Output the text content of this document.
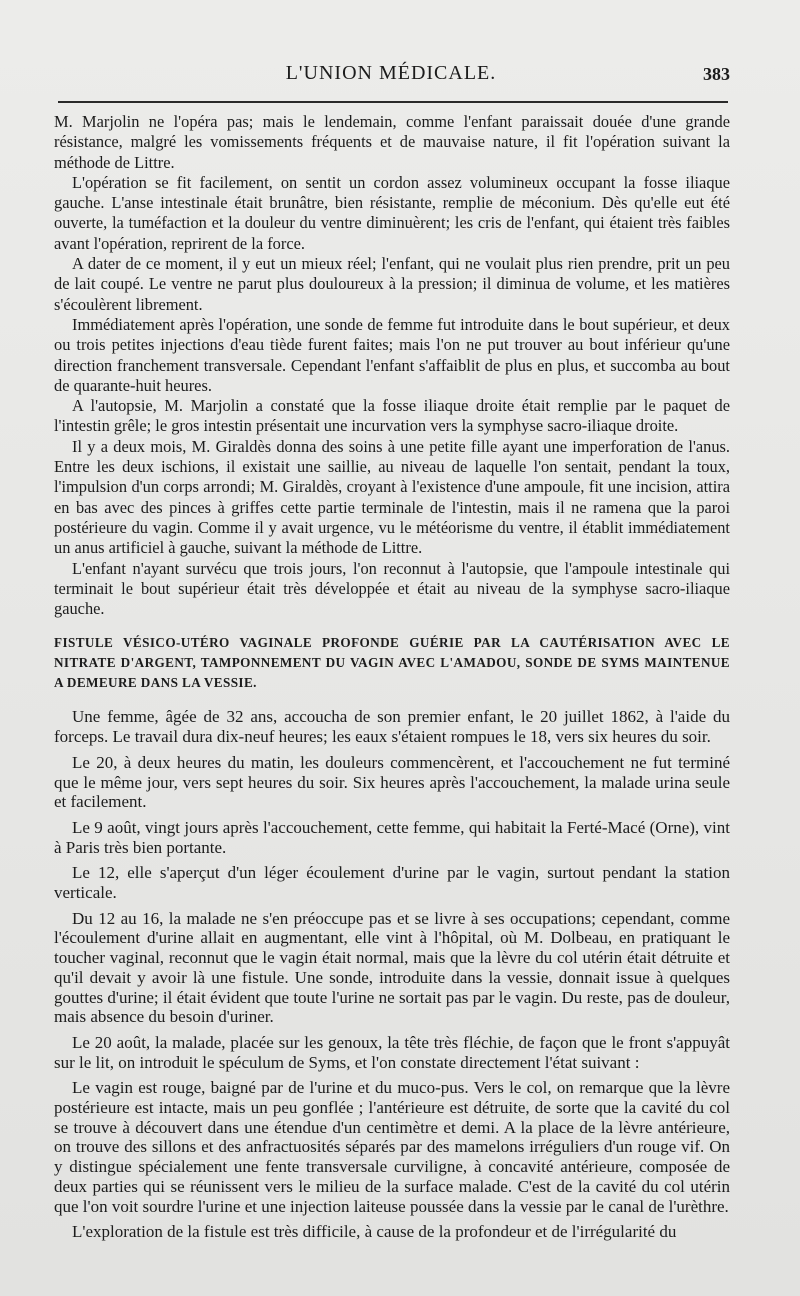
L'UNION MÉDICALE.	383

M. Marjolin ne l'opéra pas; mais le lendemain, comme l'enfant paraissait douée d'une grande résistance, malgré les vomissements fréquents et de mauvaise nature, il fit l'opération suivant la méthode de Littre.

L'opération se fit facilement, on sentit un cordon assez volumineux occupant la fosse iliaque gauche. L'anse intestinale était brunâtre, bien résistante, remplie de méconium. Dès qu'elle eut été ouverte, la tuméfaction et la douleur du ventre diminuèrent; les cris de l'enfant, qui étaient très faibles avant l'opération, reprirent de la force.

A dater de ce moment, il y eut un mieux réel; l'enfant, qui ne voulait plus rien prendre, prit un peu de lait coupé. Le ventre ne parut plus douloureux à la pression; il diminua de volume, et les matières s'écoulèrent librement.

Immédiatement après l'opération, une sonde de femme fut introduite dans le bout supérieur, et deux ou trois petites injections d'eau tiède furent faites; mais l'on ne put trouver au bout inférieur qu'une direction franchement transversale. Cependant l'enfant s'affaiblit de plus en plus, et succomba au bout de quarante-huit heures.

A l'autopsie, M. Marjolin a constaté que la fosse iliaque droite était remplie par le paquet de l'intestin grêle; le gros intestin présentait une incurvation vers la symphyse sacro-iliaque droite.

Il y a deux mois, M. Giraldès donna des soins à une petite fille ayant une imperforation de l'anus. Entre les deux ischions, il existait une saillie, au niveau de laquelle l'on sentait, pendant la toux, l'impulsion d'un corps arrondi; M. Giraldès, croyant à l'existence d'une ampoule, fit une incision, attira en bas avec des pinces à griffes cette partie terminale de l'intestin, mais il ne ramena que la paroi postérieure du vagin. Comme il y avait urgence, vu le météorisme du ventre, il établit immédiatement un anus artificiel à gauche, suivant la méthode de Littre.

L'enfant n'ayant survécu que trois jours, l'on reconnut à l'autopsie, que l'ampoule intestinale qui terminait le bout supérieur était très développée et était au niveau de la symphyse sacro-iliaque gauche.

FISTULE VÉSICO-UTÉRO VAGINALE PROFONDE GUÉRIE PAR LA CAUTÉRISATION AVEC LE NITRATE D'ARGENT, TAMPONNEMENT DU VAGIN AVEC L'AMADOU, SONDE DE SYMS MAINTENUE A DEMEURE DANS LA VESSIE.

Une femme, âgée de 32 ans, accoucha de son premier enfant, le 20 juillet 1862, à l'aide du forceps. Le travail dura dix-neuf heures; les eaux s'étaient rompues le 18, vers six heures du soir.

Le 20, à deux heures du matin, les douleurs commencèrent, et l'accouchement ne fut terminé que le même jour, vers sept heures du soir. Six heures après l'accouchement, la malade urina seule et facilement.

Le 9 août, vingt jours après l'accouchement, cette femme, qui habitait la Ferté-Macé (Orne), vint à Paris très bien portante.

Le 12, elle s'aperçut d'un léger écoulement d'urine par le vagin, surtout pendant la station verticale.

Du 12 au 16, la malade ne s'en préoccupe pas et se livre à ses occupations; cependant, comme l'écoulement d'urine allait en augmentant, elle vint à l'hôpital, où M. Dolbeau, en pratiquant le toucher vaginal, reconnut que le vagin était normal, mais que la lèvre du col utérin était détruite et qu'il devait y avoir là une fistule. Une sonde, introduite dans la vessie, donnait issue à quelques gouttes d'urine; il était évident que toute l'urine ne sortait pas par le vagin. Du reste, pas de douleur, mais absence du besoin d'uriner.

Le 20 août, la malade, placée sur les genoux, la tête très fléchie, de façon que le front s'appuyât sur le lit, on introduit le spéculum de Syms, et l'on constate directement l'état suivant :

Le vagin est rouge, baigné par de l'urine et du muco-pus. Vers le col, on remarque que la lèvre postérieure est intacte, mais un peu gonflée ; l'antérieure est détruite, de sorte que la cavité du col se trouve à découvert dans une étendue d'un centimètre et demi. A la place de la lèvre antérieure, on trouve des sillons et des anfractuosités séparés par des mamelons irréguliers d'un rouge vif. On y distingue spécialement une fente transversale curviligne, à concavité antérieure, composée de deux parties qui se réunissent vers le milieu de la surface malade. C'est de la cavité du col utérin que l'on voit sourdre l'urine et une injection laiteuse poussée dans la vessie par le canal de l'urèthre.

L'exploration de la fistule est très difficile, à cause de la profondeur et de l'irrégularité du
